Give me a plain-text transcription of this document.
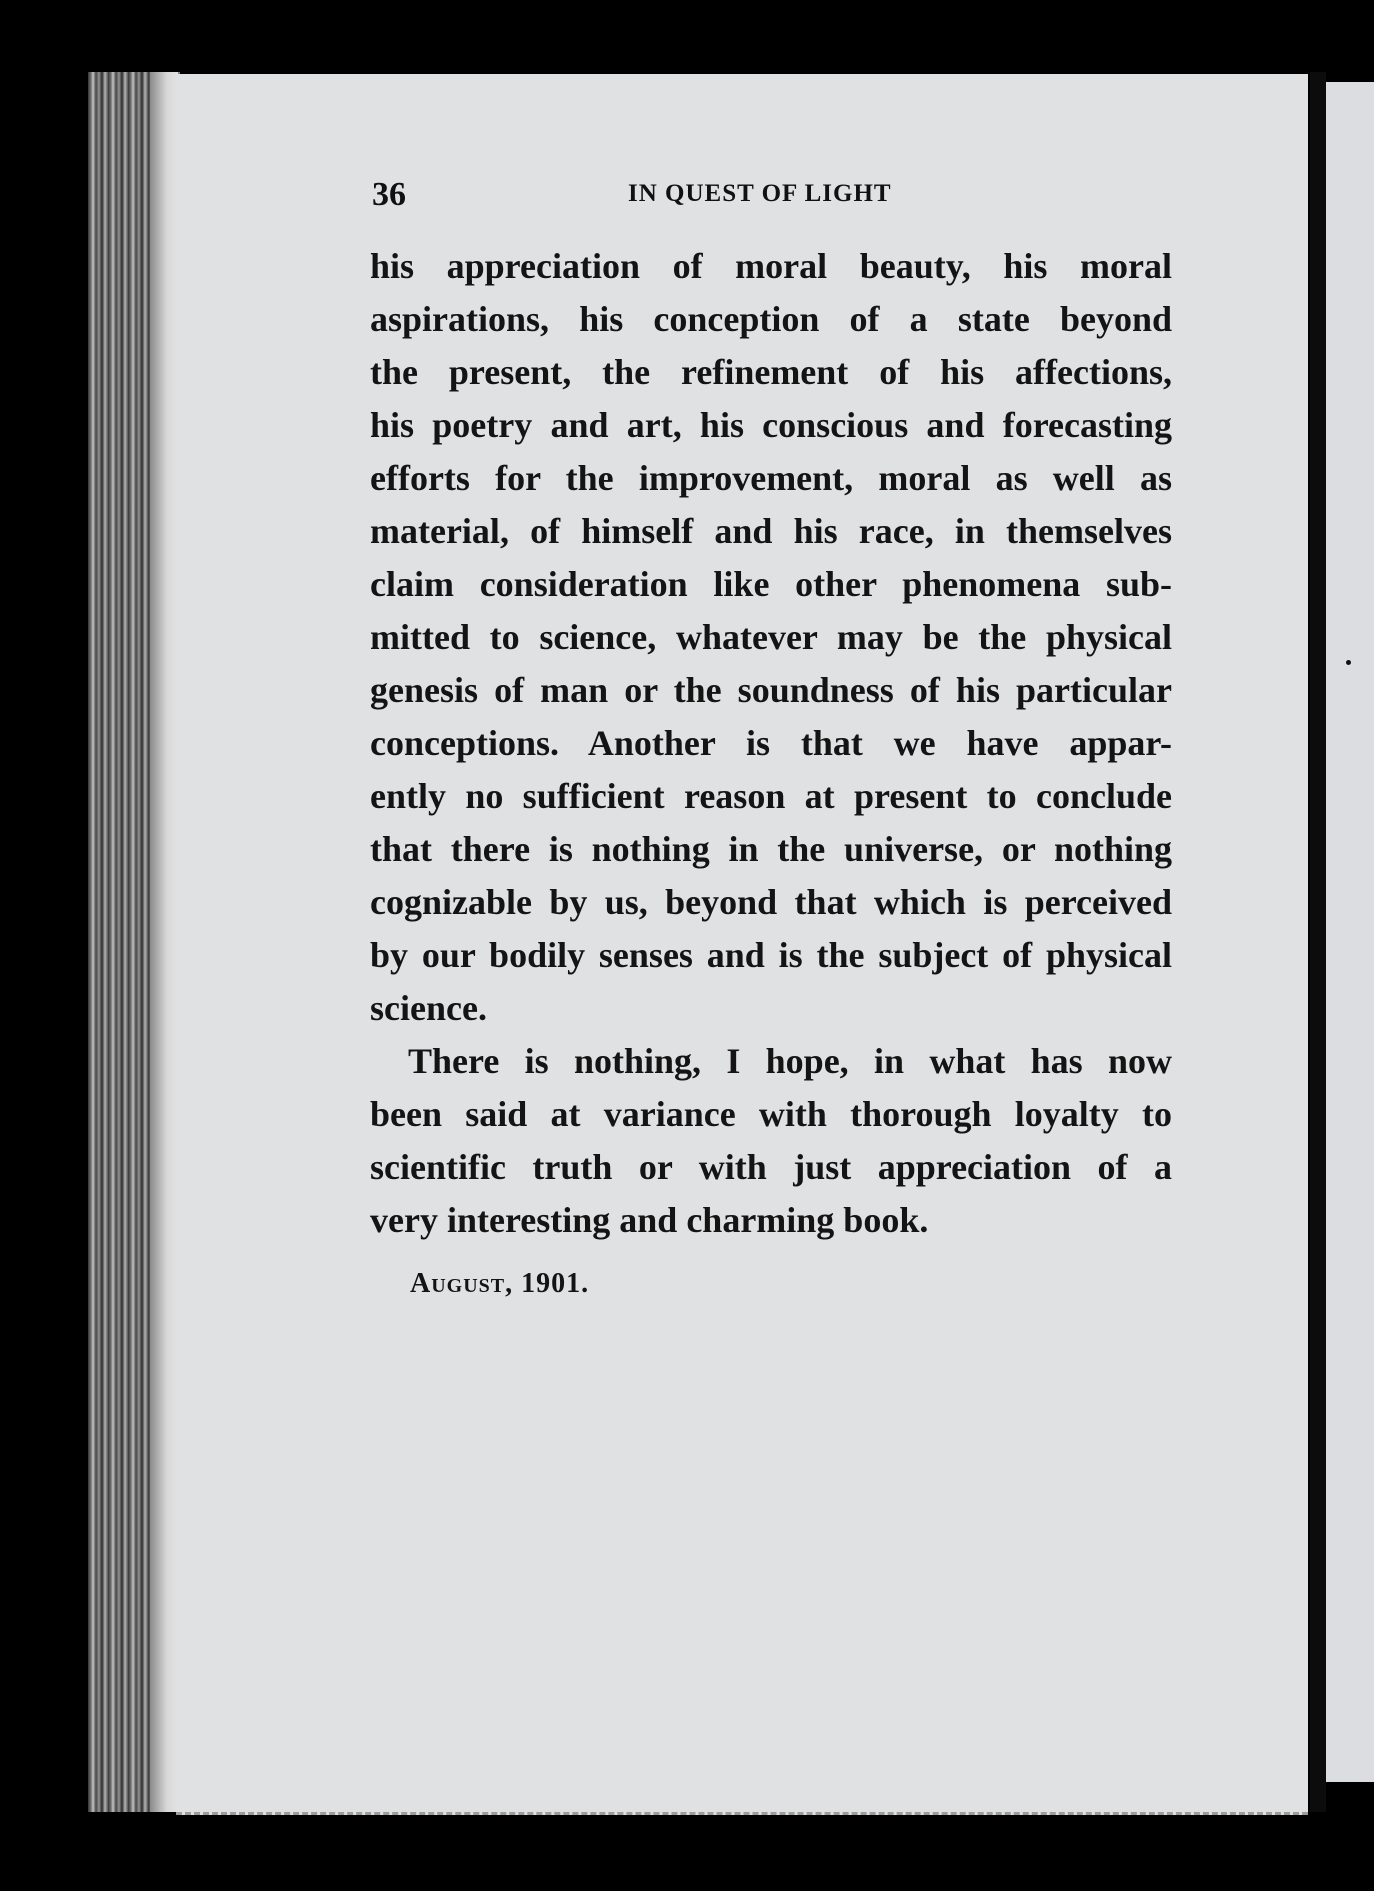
36	IN QUEST OF LIGHT
his appreciation of moral beauty, his moral
aspirations, his conception of a state beyond
the present, the refinement of his affections,
his poetry and art, his conscious and forecasting
efforts for the improvement, moral as well as
material, of himself and his race, in themselves
claim consideration like other phenomena sub-
mitted to science, whatever may be the physical
genesis of man or the soundness of his particular
conceptions. Another is that we have appar-
ently no sufficient reason at present to conclude
that there is nothing in the universe, or nothing
cognizable by us, beyond that which is perceived
by our bodily senses and is the subject of physical
science.
There is nothing, I hope, in what has now
been said at variance with thorough loyalty to
scientific truth or with just appreciation of a
very interesting and charming book.
August, 1901.
